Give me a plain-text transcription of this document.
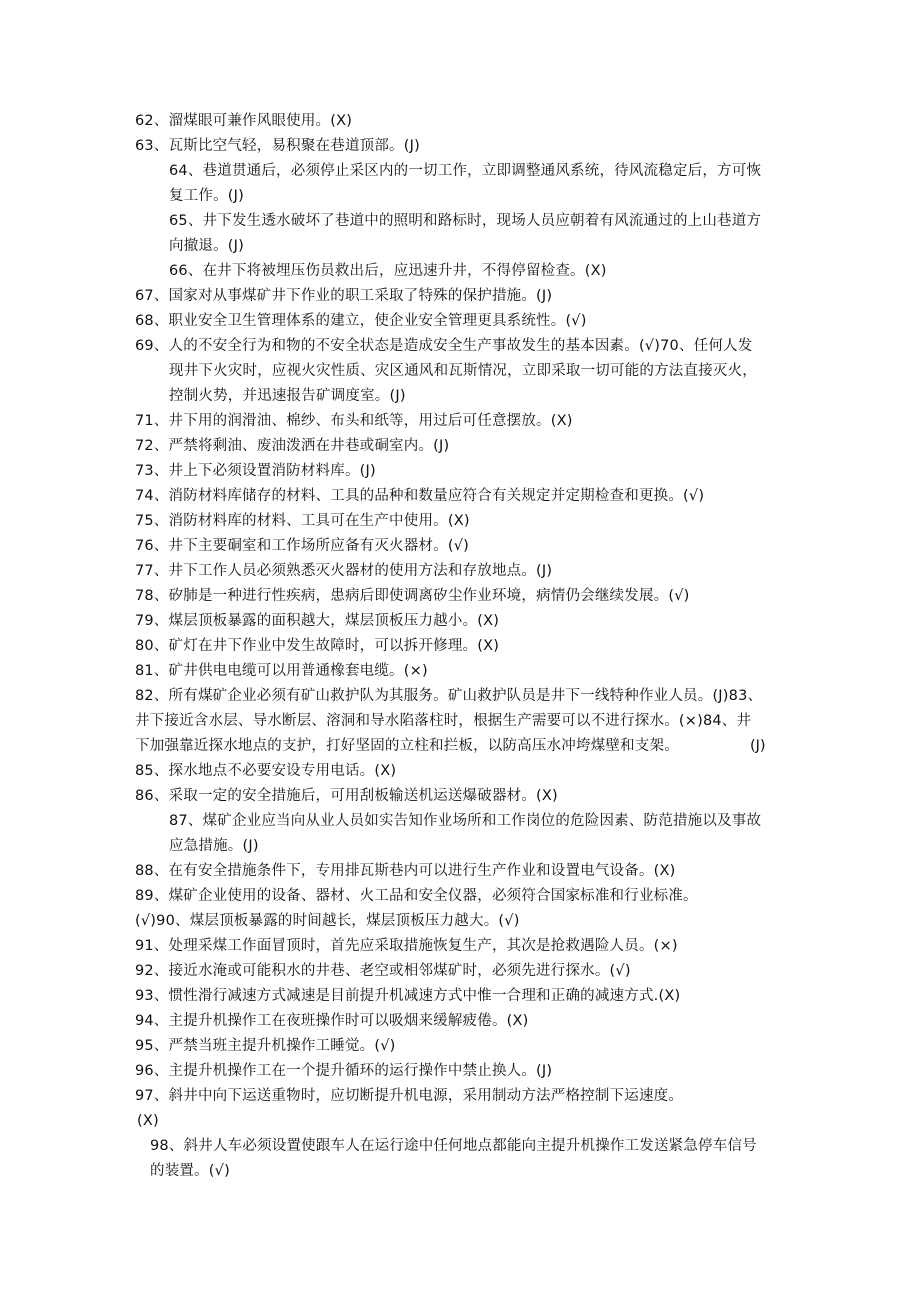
62、溜煤眼可兼作风眼使用。(X)
63、瓦斯比空气轻，易积聚在巷道顶部。(J)
64、巷道贯通后，必须停止采区内的一切工作，立即调整通风系统，待风流稳定后，方可恢
复工作。(J)
65、井下发生透水破坏了巷道中的照明和路标时，现场人员应朝着有风流通过的上山巷道方
向撤退。(J)
66、在井下将被埋压伤员救出后，应迅速升井，不得停留检查。(X)
67、国家对从事煤矿井下作业的职工采取了特殊的保护措施。(J)
68、职业安全卫生管理体系的建立，使企业安全管理更具系统性。(√)
69、人的不安全行为和物的不安全状态是造成安全生产事故发生的基本因素。(√)70、任何人发
现井下火灾时，应视火灾性质、灾区通风和瓦斯情况，立即采取一切可能的方法直接灭火，
控制火势，并迅速报告矿调度室。(J)
71、井下用的润滑油、棉纱、布头和纸等，用过后可任意摆放。(X)
72、严禁将剩油、废油泼洒在井巷或硐室内。(J)
73、井上下必须设置消防材料库。(J)
74、消防材料库储存的材料、工具的品种和数量应符合有关规定并定期检查和更换。(√)
75、消防材料库的材料、工具可在生产中使用。(X)
76、井下主要硐室和工作场所应备有灭火器材。(√)
77、井下工作人员必须熟悉灭火器材的使用方法和存放地点。(J)
78、矽肺是一种进行性疾病，患病后即使调离矽尘作业环境，病情仍会继续发展。(√)
79、煤层顶板暴露的面积越大，煤层顶板压力越小。(X)
80、矿灯在井下作业中发生故障时，可以拆开修理。(X)
81、矿井供电电缆可以用普通橡套电缆。(×)
82、所有煤矿企业必须有矿山救护队为其服务。矿山救护队员是井下一线特种作业人员。(J)83、
井下接近含水层、导水断层、溶洞和导水陷落柱时，根据生产需要可以不进行探水。(×)84、井
下加强靠近探水地点的支护，打好坚固的立柱和拦板，以防高压水冲垮煤壁和支架。	(J)
85、探水地点不必要安设专用电话。(X)
86、采取一定的安全措施后，可用刮板输送机运送爆破器材。(X)
87、煤矿企业应当向从业人员如实告知作业场所和工作岗位的危险因素、防范措施以及事故
应急措施。(J)
88、在有安全措施条件下，专用排瓦斯巷内可以进行生产作业和设置电气设备。(X)
89、煤矿企业使用的设备、器材、火工品和安全仪器，必须符合国家标准和行业标准。
(√)90、煤层顶板暴露的时间越长，煤层顶板压力越大。(√)
91、处理采煤工作面冒顶时，首先应采取措施恢复生产，其次是抢救遇险人员。(×)
92、接近水淹或可能积水的井巷、老空或相邻煤矿时，必须先进行探水。(√)
93、惯性滑行减速方式减速是目前提升机减速方式中惟一合理和正确的减速方式.(X)
94、主提升机操作工在夜班操作时可以吸烟来缓解疲倦。(X)
95、严禁当班主提升机操作工睡觉。(√)
96、主提升机操作工在一个提升循环的运行操作中禁止换人。(J)
97、斜井中向下运送重物时，应切断提升机电源，采用制动方法严格控制下运速度。
(X)
98、斜井人车必须设置使跟车人在运行途中任何地点都能向主提升机操作工发送紧急停车信号
的装置。(√)
